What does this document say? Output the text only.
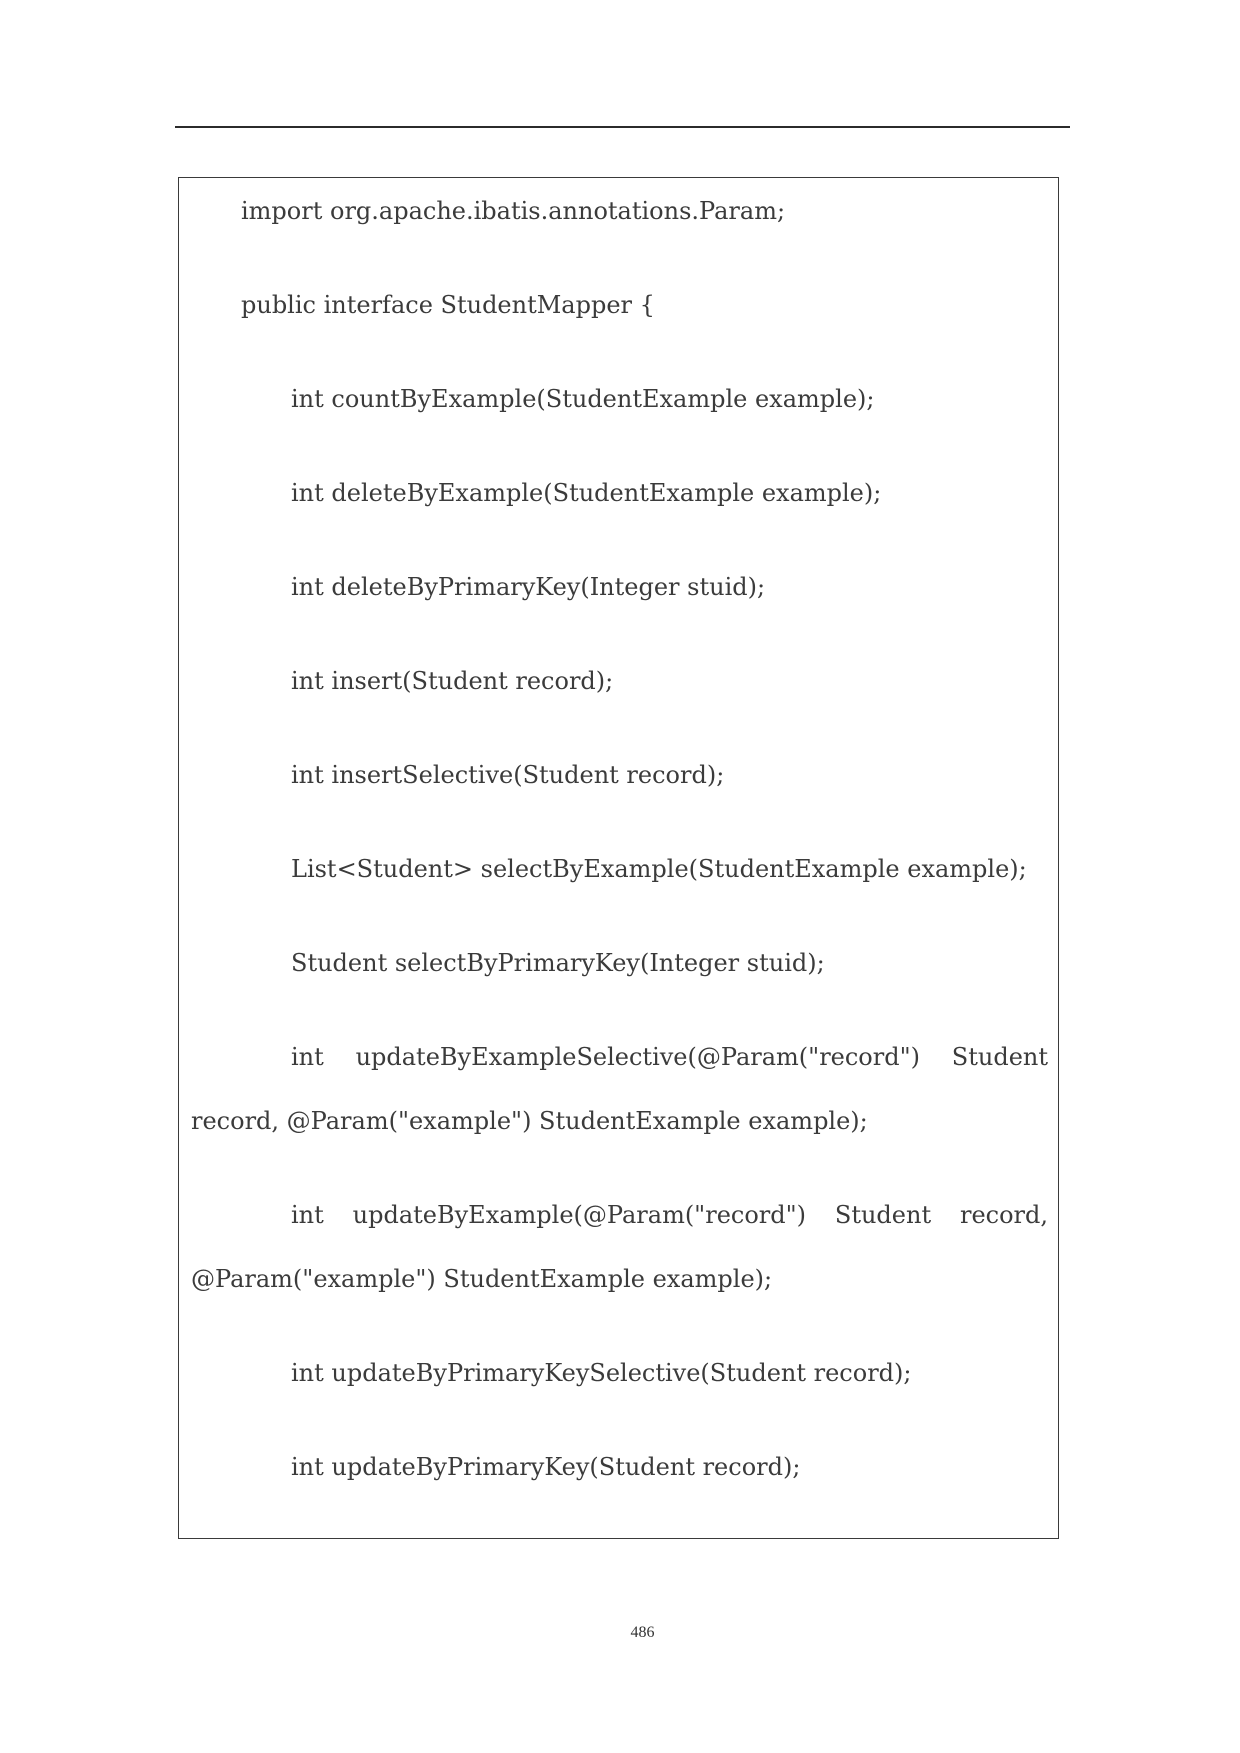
import org.apache.ibatis.annotations.Param;
public interface StudentMapper {
int countByExample(StudentExample example);
int deleteByExample(StudentExample example);
int deleteByPrimaryKey(Integer stuid);
int insert(Student record);
int insertSelective(Student record);
List<Student> selectByExample(StudentExample example);
Student selectByPrimaryKey(Integer stuid);
int updateByExampleSelective(@Param("record") Student
record, @Param("example") StudentExample example);
int updateByExample(@Param("record") Student record,
@Param("example") StudentExample example);
int updateByPrimaryKeySelective(Student record);
int updateByPrimaryKey(Student record);
486
